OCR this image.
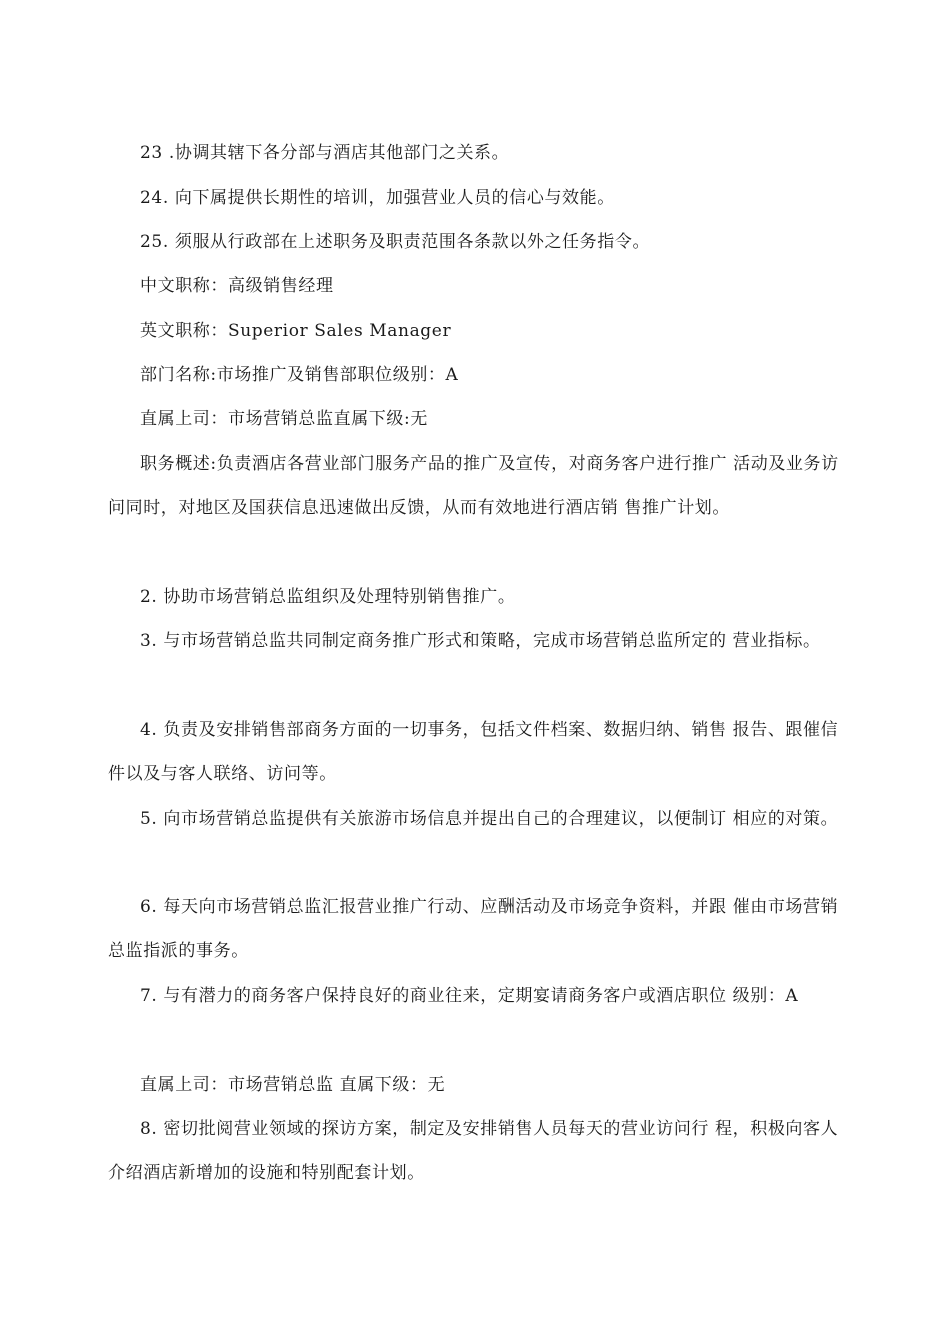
23 .协调其辖下各分部与酒店其他部门之关系。

24. 向下属提供长期性的培训，加强营业人员的信心与效能。

25. 须服从行政部在上述职务及职责范围各条款以外之任务指令。

中文职称：高级销售经理

英文职称：Superior Sales Manager

部门名称:市场推广及销售部职位级别：A

直属上司：市场营销总监直属下级:无

职务概述:负责酒店各营业部门服务产品的推广及宣传，对商务客户进行推广 活动及业务访问同时，对地区及国获信息迅速做出反馈，从而有效地进行酒店销 售推广计划。

2. 协助市场营销总监组织及处理特别销售推广。

3. 与市场营销总监共同制定商务推广形式和策略，完成市场营销总监所定的 营业指标。

4. 负责及安排销售部商务方面的一切事务，包括文件档案、数据归纳、销售 报告、跟催信件以及与客人联络、访问等。

5. 向市场营销总监提供有关旅游市场信息并提出自己的合理建议，以便制订 相应的对策。

6. 每天向市场营销总监汇报营业推广行动、应酬活动及市场竞争资料，并跟 催由市场营销总监指派的事务。

7. 与有潜力的商务客户保持良好的商业往来，定期宴请商务客户或酒店职位 级别：A

直属上司：市场营销总监 直属下级：无

8. 密切批阅营业领域的探访方案，制定及安排销售人员每天的营业访问行 程，积极向客人介绍酒店新增加的设施和特别配套计划。
